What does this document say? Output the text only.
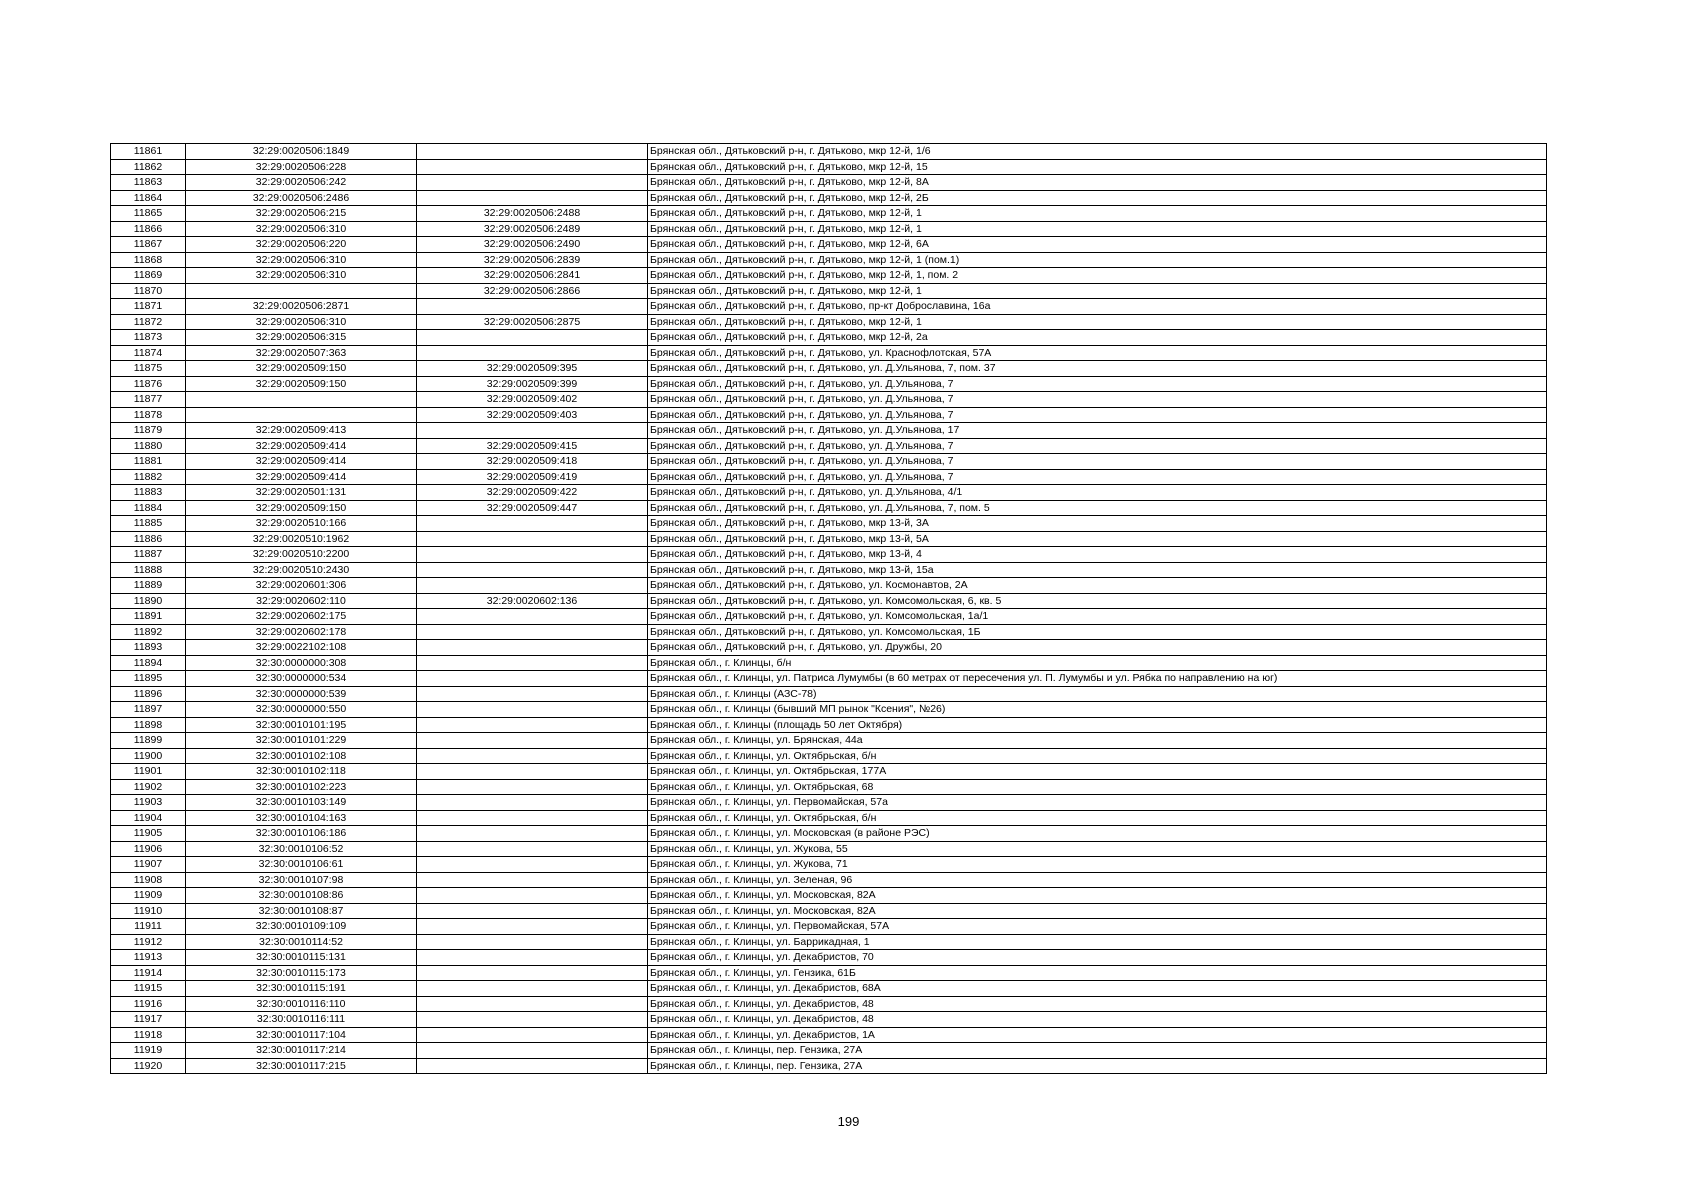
11861	32:29:0020506:1849		Брянская обл., Дятьковский р-н, г. Дятьково, мкр 12-й, 1/6
11862	32:29:0020506:228		Брянская обл., Дятьковский р-н, г. Дятьково, мкр 12-й, 15
11863	32:29:0020506:242		Брянская обл., Дятьковский р-н, г. Дятьково, мкр 12-й, 8А
11864	32:29:0020506:2486		Брянская обл., Дятьковский р-н, г. Дятьково, мкр 12-й, 2Б
11865	32:29:0020506:215	32:29:0020506:2488	Брянская обл., Дятьковский р-н, г. Дятьково, мкр 12-й, 1
11866	32:29:0020506:310	32:29:0020506:2489	Брянская обл., Дятьковский р-н, г. Дятьково, мкр 12-й, 1
11867	32:29:0020506:220	32:29:0020506:2490	Брянская обл., Дятьковский р-н, г. Дятьково, мкр 12-й, 6А
11868	32:29:0020506:310	32:29:0020506:2839	Брянская обл., Дятьковский р-н, г. Дятьково, мкр 12-й, 1 (пом.1)
11869	32:29:0020506:310	32:29:0020506:2841	Брянская обл., Дятьковский р-н, г. Дятьково, мкр 12-й, 1, пом. 2
11870		32:29:0020506:2866	Брянская обл., Дятьковский р-н, г. Дятьково, мкр 12-й, 1
11871	32:29:0020506:2871		Брянская обл., Дятьковский р-н, г. Дятьково, пр-кт Доброславина, 16а
11872	32:29:0020506:310	32:29:0020506:2875	Брянская обл., Дятьковский р-н, г. Дятьково, мкр 12-й, 1
11873	32:29:0020506:315		Брянская обл., Дятьковский р-н, г. Дятьково, мкр 12-й, 2а
11874	32:29:0020507:363		Брянская обл., Дятьковский р-н, г. Дятьково, ул. Краснофлотская, 57А
11875	32:29:0020509:150	32:29:0020509:395	Брянская обл., Дятьковский р-н, г. Дятьково, ул. Д.Ульянова, 7, пом. 37
11876	32:29:0020509:150	32:29:0020509:399	Брянская обл., Дятьковский р-н, г. Дятьково, ул. Д.Ульянова, 7
11877		32:29:0020509:402	Брянская обл., Дятьковский р-н, г. Дятьково, ул. Д.Ульянова, 7
11878		32:29:0020509:403	Брянская обл., Дятьковский р-н, г. Дятьково, ул. Д.Ульянова, 7
11879	32:29:0020509:413		Брянская обл., Дятьковский р-н, г. Дятьково, ул. Д.Ульянова, 17
11880	32:29:0020509:414	32:29:0020509:415	Брянская обл., Дятьковский р-н, г. Дятьково, ул. Д.Ульянова, 7
11881	32:29:0020509:414	32:29:0020509:418	Брянская обл., Дятьковский р-н, г. Дятьково, ул. Д.Ульянова, 7
11882	32:29:0020509:414	32:29:0020509:419	Брянская обл., Дятьковский р-н, г. Дятьково, ул. Д.Ульянова, 7
11883	32:29:0020501:131	32:29:0020509:422	Брянская обл., Дятьковский р-н, г. Дятьково, ул. Д.Ульянова, 4/1
11884	32:29:0020509:150	32:29:0020509:447	Брянская обл., Дятьковский р-н, г. Дятьково, ул. Д.Ульянова, 7, пом. 5
11885	32:29:0020510:166		Брянская обл., Дятьковский р-н, г. Дятьково, мкр 13-й, 3А
11886	32:29:0020510:1962		Брянская обл., Дятьковский р-н, г. Дятьково, мкр 13-й, 5А
11887	32:29:0020510:2200		Брянская обл., Дятьковский р-н, г. Дятьково, мкр 13-й, 4
11888	32:29:0020510:2430		Брянская обл., Дятьковский р-н, г. Дятьково, мкр 13-й, 15а
11889	32:29:0020601:306		Брянская обл., Дятьковский р-н, г. Дятьково, ул. Космонавтов, 2А
11890	32:29:0020602:110	32:29:0020602:136	Брянская обл., Дятьковский р-н, г. Дятьково, ул. Комсомольская, 6, кв. 5
11891	32:29:0020602:175		Брянская обл., Дятьковский р-н, г. Дятьково, ул. Комсомольская, 1а/1
11892	32:29:0020602:178		Брянская обл., Дятьковский р-н, г. Дятьково, ул. Комсомольская, 1Б
11893	32:29:0022102:108		Брянская обл., Дятьковский р-н, г. Дятьково, ул. Дружбы, 20
11894	32:30:0000000:308		Брянская обл., г. Клинцы, б/н
11895	32:30:0000000:534		Брянская обл., г. Клинцы, ул. Патриса Лумумбы (в 60 метрах от пересечения ул. П. Лумумбы и ул. Рябка по направлению на юг)
11896	32:30:0000000:539		Брянская обл., г. Клинцы (АЗС-78)
11897	32:30:0000000:550		Брянская обл., г. Клинцы (бывший МП рынок "Ксения", №26)
11898	32:30:0010101:195		Брянская обл., г. Клинцы (площадь 50 лет Октября)
11899	32:30:0010101:229		Брянская обл., г. Клинцы, ул. Брянская, 44а
11900	32:30:0010102:108		Брянская обл., г. Клинцы, ул. Октябрьская, б/н
11901	32:30:0010102:118		Брянская обл., г. Клинцы, ул. Октябрьская, 177А
11902	32:30:0010102:223		Брянская обл., г. Клинцы, ул. Октябрьская, 68
11903	32:30:0010103:149		Брянская обл., г. Клинцы, ул. Первомайская, 57а
11904	32:30:0010104:163		Брянская обл., г. Клинцы, ул. Октябрьская, б/н
11905	32:30:0010106:186		Брянская обл., г. Клинцы, ул. Московская (в районе РЭС)
11906	32:30:0010106:52		Брянская обл., г. Клинцы, ул. Жукова, 55
11907	32:30:0010106:61		Брянская обл., г. Клинцы, ул. Жукова, 71
11908	32:30:0010107:98		Брянская обл., г. Клинцы, ул. Зеленая, 96
11909	32:30:0010108:86		Брянская обл., г. Клинцы, ул. Московская, 82А
11910	32:30:0010108:87		Брянская обл., г. Клинцы, ул. Московская, 82А
11911	32:30:0010109:109		Брянская обл., г. Клинцы, ул. Первомайская, 57А
11912	32:30:0010114:52		Брянская обл., г. Клинцы, ул. Баррикадная, 1
11913	32:30:0010115:131		Брянская обл., г. Клинцы, ул. Декабристов, 70
11914	32:30:0010115:173		Брянская обл., г. Клинцы, ул. Гензика, 61Б
11915	32:30:0010115:191		Брянская обл., г. Клинцы, ул. Декабристов, 68А
11916	32:30:0010116:110		Брянская обл., г. Клинцы, ул. Декабристов, 48
11917	32:30:0010116:111		Брянская обл., г. Клинцы, ул. Декабристов, 48
11918	32:30:0010117:104		Брянская обл., г. Клинцы, ул. Декабристов, 1А
11919	32:30:0010117:214		Брянская обл., г. Клинцы, пер. Гензика, 27А
11920	32:30:0010117:215		Брянская обл., г. Клинцы, пер. Гензика, 27А
199
